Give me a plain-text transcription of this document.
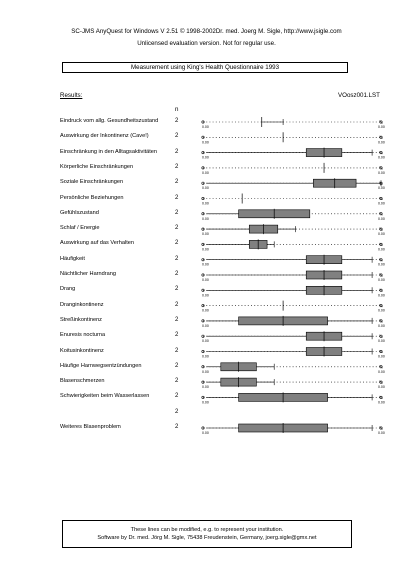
SC-JMS AnyQuest for Windows V 2.51 © 1998-2002Dr. med. Joerg M. Sigle, http://www.jsigle.com
Unlicensed evaluation version. Not for regular use.
Measurement using King's Health Questionnaire 1993
Results:	VOosz001.LST
n
Eindruck vom allg. Gesundheitszustand	2
Auswirkung der Inkontinenz (Cave!)	2
Einschränkung in den Alltagsaktivitäten	2
Körperliche Einschränkungen	2
Soziale Einschränkungen	2
Persönliche Beziehungen	2
Gefühlszustand	2
Schlaf / Energie	2
Auswirkung auf das Verhalten	2
Häufigkeit	2
Nächtlicher Harndrang	2
Drang	2
Dranginkontinenz	2
Streßinkontinenz	2
Enuresis nocturna	2
Koitusinkontinenz	2
Häufige Harnwegsentzündungen	2
Blasenschmerzen	2
Schwierigkeiten beim Wasserlassen	2
2
Weiteres Blasenproblem	2
0.00	0.00
0.00	0.00
0.00	0.00
0.00	0.00
0.00	0.00
0.00	0.00
0.00	0.00
0.00	0.00
0.00	0.00
0.00	0.00
0.00	0.00
0.00	0.00
0.00	0.00
0.00	0.00
0.00	0.00
0.00	0.00
0.00	0.00
0.00	0.00
0.00	0.00
0.00	0.00
These lines can be modified, e.g. to represent your institution.
Software by Dr. med. Jörg M. Sigle, 75438 Freudenstein, Germany, joerg.sigle@gmx.net
